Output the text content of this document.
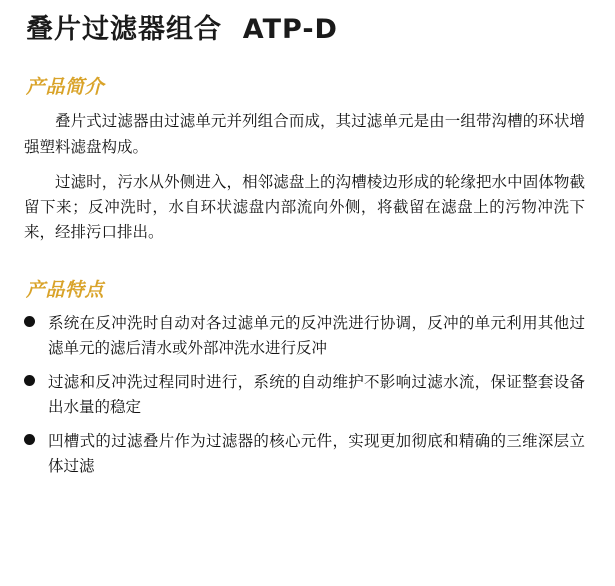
叠片过滤器组合  ATP-D
产品简介

叠片式过滤器由过滤单元并列组合而成，其过滤单元是由一组带沟槽的环状增强塑料滤盘构成。

过滤时，污水从外侧进入，相邻滤盘上的沟槽棱边形成的轮缘把水中固体物截留下来；反冲洗时，水自环状滤盘内部流向外侧，将截留在滤盘上的污物冲洗下来，经排污口排出。

产品特点
系统在反冲洗时自动对各过滤单元的反冲洗进行协调，反冲的单元利用其他过滤单元的滤后清水或外部冲洗水进行反冲
过滤和反冲洗过程同时进行，系统的自动维护不影响过滤水流，保证整套设备出水量的稳定
凹槽式的过滤叠片作为过滤器的核心元件，实现更加彻底和精确的三维深层立体过滤
